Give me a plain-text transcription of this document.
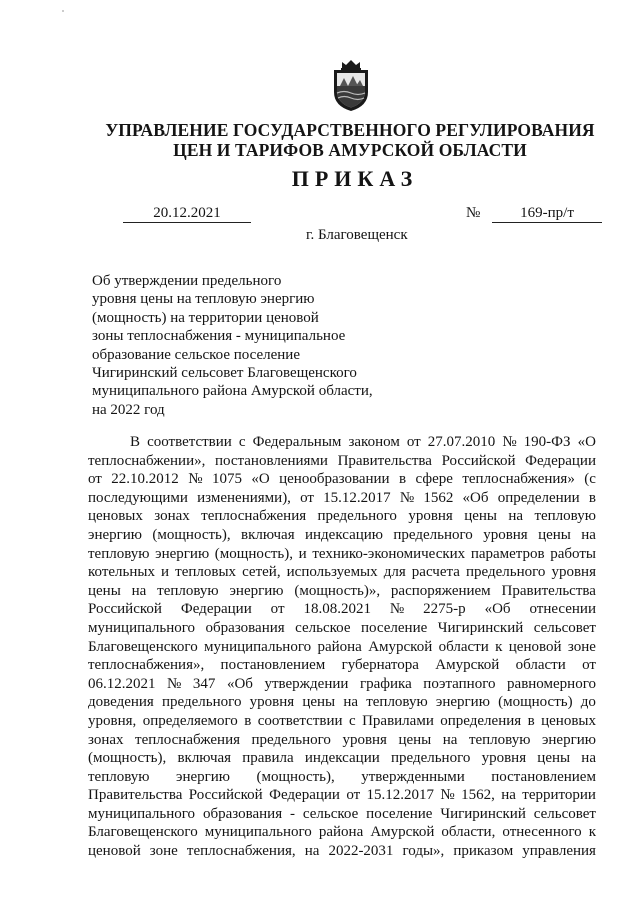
УПРАВЛЕНИЕ ГОСУДАРСТВЕННОГО РЕГУЛИРОВАНИЯ
ЦЕН И ТАРИФОВ АМУРСКОЙ ОБЛАСТИ
ПРИКАЗ
20.12.2021	№	169-пр/т
г. Благовещенск
Об утверждении предельного
уровня цены на тепловую энергию
(мощность) на территории ценовой
зоны теплоснабжения - муниципальное
образование сельское поселение
Чигиринский сельсовет Благовещенского
муниципального района Амурской области,
на 2022 год
В соответствии с Федеральным законом от 27.07.2010 № 190-ФЗ «О
теплоснабжении», постановлениями Правительства Российской Федерации
от 22.10.2012 № 1075 «О ценообразовании в сфере теплоснабжения» (с
последующими изменениями), от 15.12.2017 № 1562 «Об определении в
ценовых зонах теплоснабжения предельного уровня цены на тепловую
энергию (мощность), включая индексацию предельного уровня цены на
тепловую энергию (мощность), и технико-экономических параметров работы
котельных и тепловых сетей, используемых для расчета предельного уровня
цены на тепловую энергию (мощность)», распоряжением Правительства
Российской Федерации от 18.08.2021 № 2275-р «Об отнесении
муниципального образования сельское поселение Чигиринский сельсовет
Благовещенского муниципального района Амурской области к ценовой зоне
теплоснабжения», постановлением губернатора Амурской области от
06.12.2021 № 347 «Об утверждении графика поэтапного равномерного
доведения предельного уровня цены на тепловую энергию (мощность) до
уровня, определяемого в соответствии с Правилами определения в ценовых
зонах теплоснабжения предельного уровня цены на тепловую энергию
(мощность), включая правила индексации предельного уровня цены на
тепловую энергию (мощность), утвержденными постановлением
Правительства Российской Федерации от 15.12.2017 № 1562, на территории
муниципального образования - сельское поселение Чигиринский сельсовет
Благовещенского муниципального района Амурской области, отнесенного к
ценовой зоне теплоснабжения, на 2022-2031 годы», приказом управления
